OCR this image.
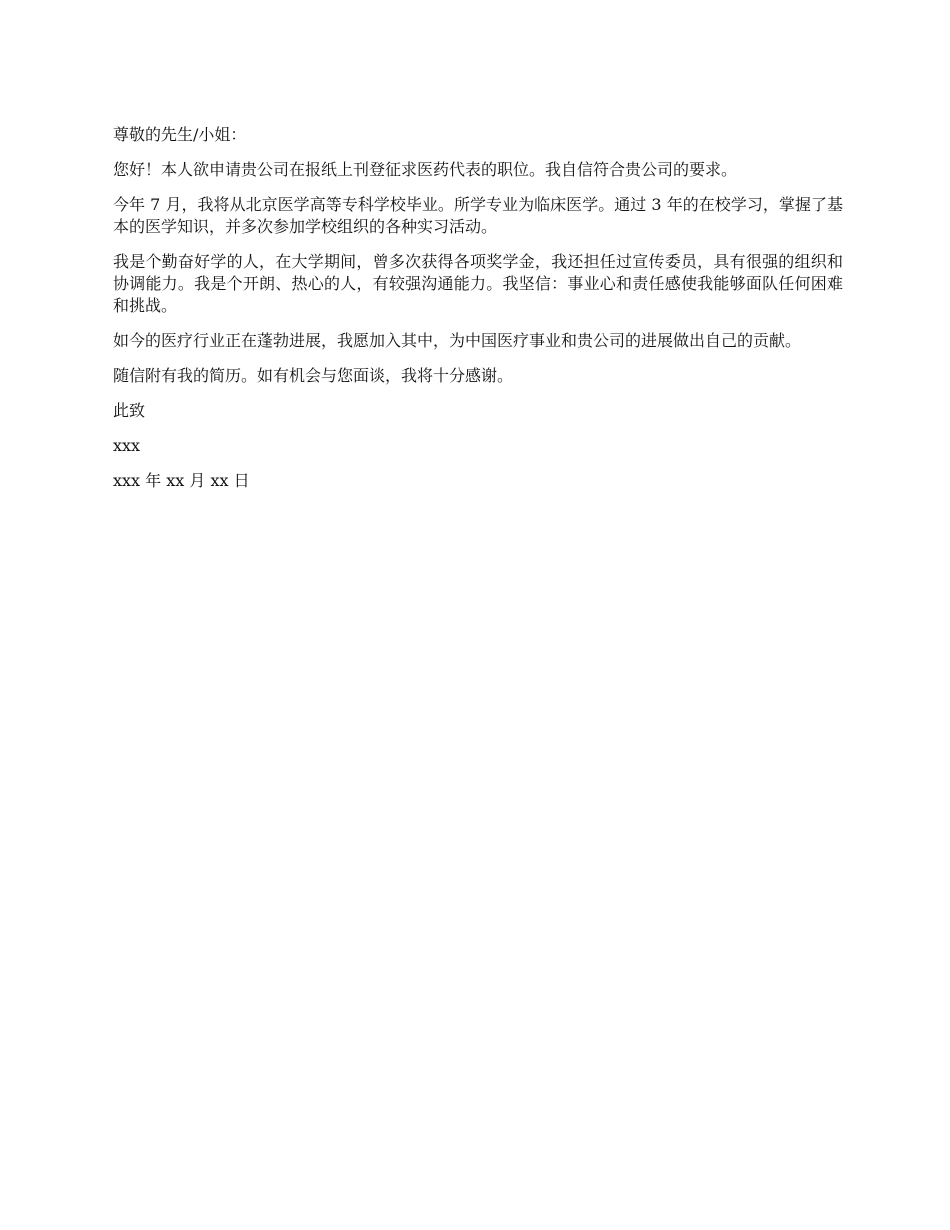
尊敬的先生/小姐：

您好！本人欲申请贵公司在报纸上刊登征求医药代表的职位。我自信符合贵公司的要求。

今年 7 月，我将从北京医学高等专科学校毕业。所学专业为临床医学。通过 3 年的在校学习，掌握了基本的医学知识，并多次参加学校组织的各种实习活动。

我是个勤奋好学的人，在大学期间，曾多次获得各项奖学金，我还担任过宣传委员，具有很强的组织和协调能力。我是个开朗、热心的人，有较强沟通能力。我坚信：事业心和责任感使我能够面队任何困难和挑战。

如今的医疗行业正在蓬勃进展，我愿加入其中，为中国医疗事业和贵公司的进展做出自己的贡献。

随信附有我的简历。如有机会与您面谈，我将十分感谢。

此致

xxx

xxx 年 xx 月 xx 日
